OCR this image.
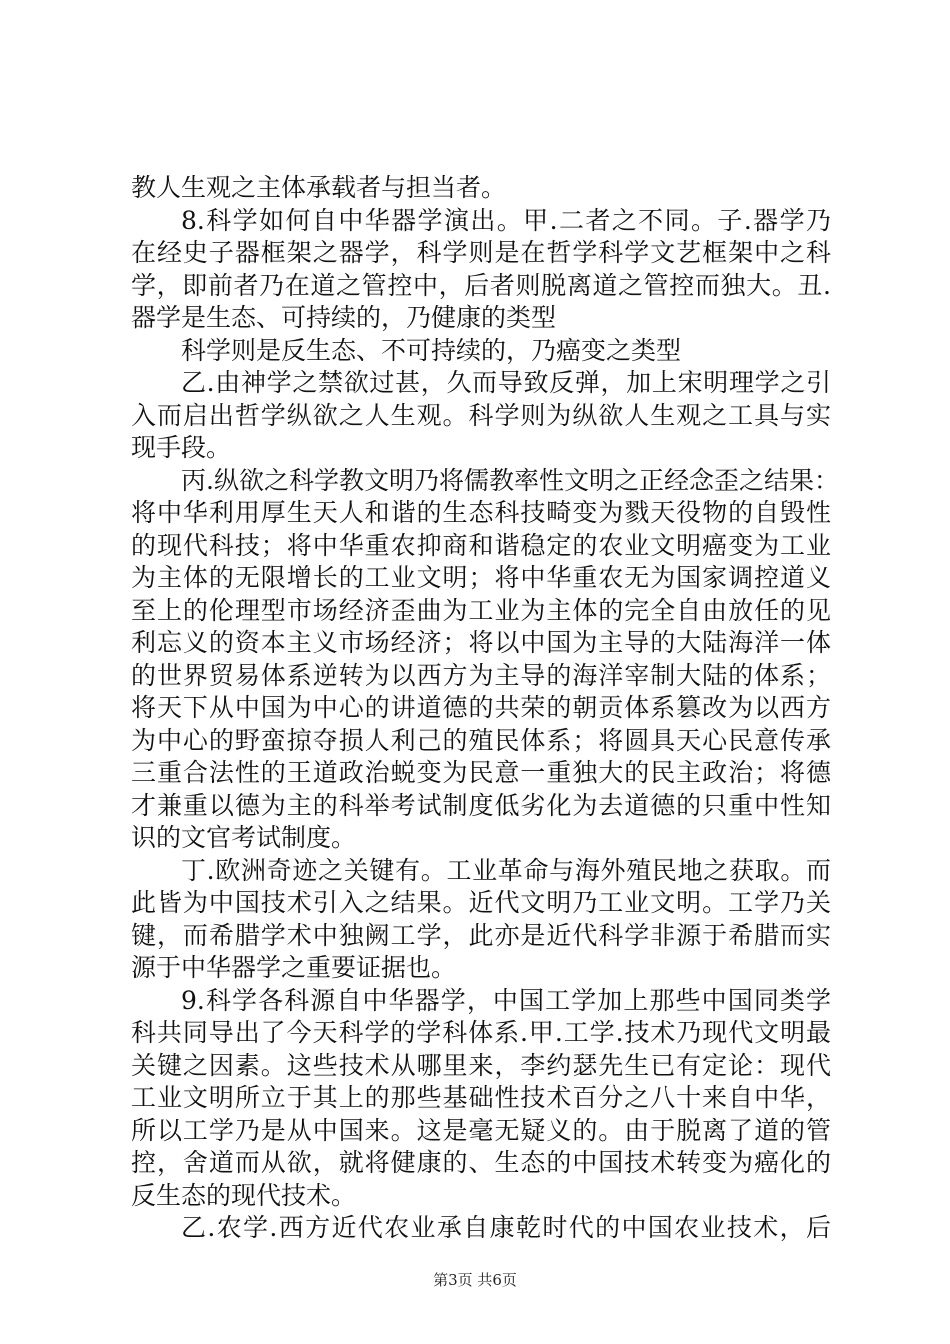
教人生观之主体承载者与担当者。
8.科学如何自中华器学演出。甲.二者之不同。子.器学乃
在经史子器框架之器学，科学则是在哲学科学文艺框架中之科
学，即前者乃在道之管控中，后者则脱离道之管控而独大。丑.
器学是生态、可持续的，乃健康的类型
科学则是反生态、不可持续的，乃癌变之类型
乙.由神学之禁欲过甚，久而导致反弹，加上宋明理学之引
入而启出哲学纵欲之人生观。科学则为纵欲人生观之工具与实
现手段。
丙.纵欲之科学教文明乃将儒教率性文明之正经念歪之结果：
将中华利用厚生天人和谐的生态科技畸变为戮天役物的自毁性
的现代科技；将中华重农抑商和谐稳定的农业文明癌变为工业
为主体的无限增长的工业文明；将中华重农无为国家调控道义
至上的伦理型市场经济歪曲为工业为主体的完全自由放任的见
利忘义的资本主义市场经济；将以中国为主导的大陆海洋一体
的世界贸易体系逆转为以西方为主导的海洋宰制大陆的体系；
将天下从中国为中心的讲道德的共荣的朝贡体系篡改为以西方
为中心的野蛮掠夺损人利己的殖民体系；将圆具天心民意传承
三重合法性的王道政治蜕变为民意一重独大的民主政治；将德
才兼重以德为主的科举考试制度低劣化为去道德的只重中性知
识的文官考试制度。
丁.欧洲奇迹之关键有。工业革命与海外殖民地之获取。而
此皆为中国技术引入之结果。近代文明乃工业文明。工学乃关
键，而希腊学术中独阙工学，此亦是近代科学非源于希腊而实
源于中华器学之重要证据也。
9.科学各科源自中华器学，中国工学加上那些中国同类学
科共同导出了今天科学的学科体系.甲.工学.技术乃现代文明最
关键之因素。这些技术从哪里来，李约瑟先生已有定论：现代
工业文明所立于其上的那些基础性技术百分之八十来自中华，
所以工学乃是从中国来。这是毫无疑义的。由于脱离了道的管
控，舍道而从欲，就将健康的、生态的中国技术转变为癌化的
反生态的现代技术。
乙.农学.西方近代农业承自康乾时代的中国农业技术，后
第3页 共6页
